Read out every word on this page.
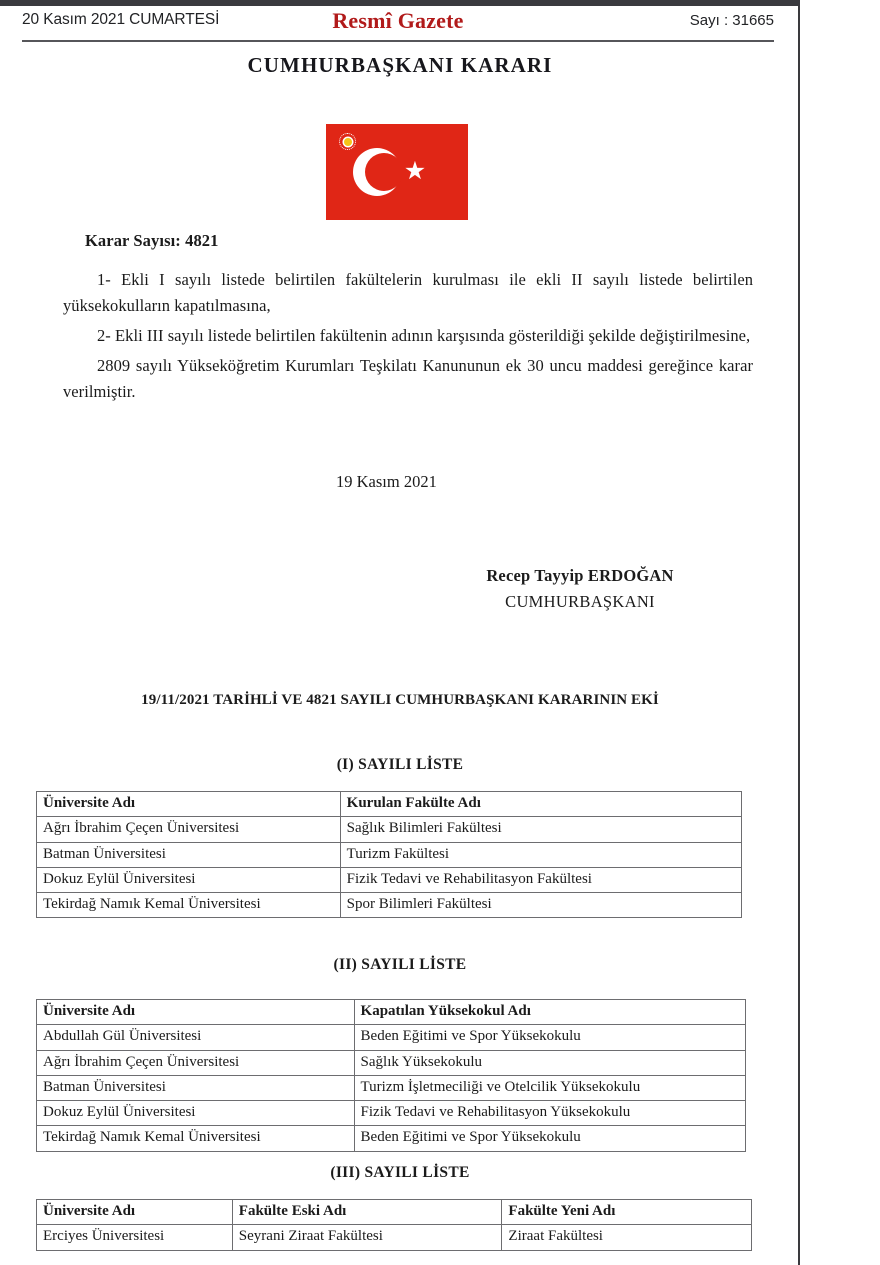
20 Kasım 2021 CUMARTESİ	Resmî Gazete	Sayı : 31665
CUMHURBAŞKANI KARARI
★

Karar Sayısı: 4821

1- Ekli I sayılı listede belirtilen fakültelerin kurulması ile ekli II sayılı listede belirtilen yüksekokulların kapatılmasına,

2- Ekli III sayılı listede belirtilen fakültenin adının karşısında gösterildiği şekilde değiştirilmesine,

2809 sayılı Yükseköğretim Kurumları Teşkilatı Kanununun ek 30 uncu maddesi gereğince karar verilmiştir.

19 Kasım 2021
Recep Tayyip ERDOĞAN
CUMHURBAŞKANI
19/11/2021 TARİHLİ VE 4821 SAYILI CUMHURBAŞKANI KARARININ EKİ
(I) SAYILI LİSTE
Üniversite Adı	Kurulan Fakülte Adı
Ağrı İbrahim Çeçen Üniversitesi	Sağlık Bilimleri Fakültesi
Batman Üniversitesi	Turizm Fakültesi
Dokuz Eylül Üniversitesi	Fizik Tedavi ve Rehabilitasyon Fakültesi
Tekirdağ Namık Kemal Üniversitesi	Spor Bilimleri Fakültesi
(II) SAYILI LİSTE
Üniversite Adı	Kapatılan Yüksekokul Adı
Abdullah Gül Üniversitesi	Beden Eğitimi ve Spor Yüksekokulu
Ağrı İbrahim Çeçen Üniversitesi	Sağlık Yüksekokulu
Batman Üniversitesi	Turizm İşletmeciliği ve Otelcilik Yüksekokulu
Dokuz Eylül Üniversitesi	Fizik Tedavi ve Rehabilitasyon Yüksekokulu
Tekirdağ Namık Kemal Üniversitesi	Beden Eğitimi ve Spor Yüksekokulu
(III) SAYILI LİSTE
Üniversite Adı	Fakülte Eski Adı	Fakülte Yeni Adı
Erciyes Üniversitesi	Seyrani Ziraat Fakültesi	Ziraat Fakültesi
